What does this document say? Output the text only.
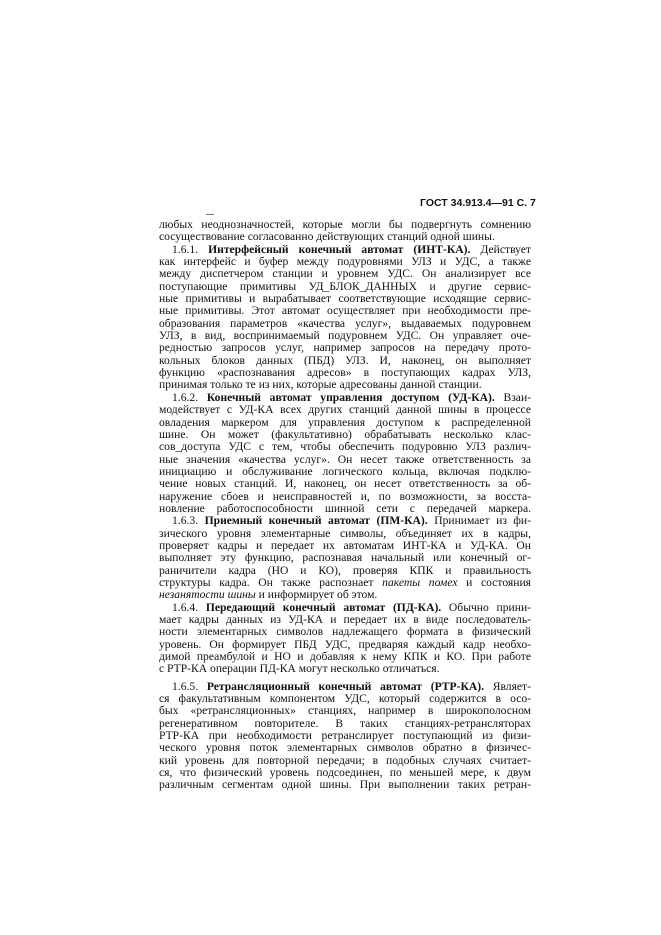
ГОСТ 34.913.4—91 С. 7
любых неоднозначностей, которые могли бы подвергнуть сомнению
сосуществование согласованно действующих станций одной шины.
1.6.1. Интерфейсный конечный автомат (ИНТ-КА). Действует
как интерфейс и буфер между подуровнями УЛЗ и УДС, а также
между диспетчером станции и уровнем УДС. Он анализирует все
поступающие примитивы УД_БЛОК_ДАННЫХ и другие сервис-
ные примитивы и вырабатывает соответствующие исходящие сервис-
ные примитивы. Этот автомат осуществляет при необходимости пре-
образования параметров «качества услуг», выдаваемых подуровнем
УЛЗ, в вид, воспринимаемый подуровнем УДС. Он управляет оче-
редностью запросов услуг, например запросов на передачу прото-
кольных блоков данных (ПБД) УЛЗ. И, наконец, он выполняет
функцию «распознавания адресов» в поступающих кадрах УЛЗ,
принимая только те из них, которые адресованы данной станции.
1.6.2. Конечный автомат управления доступом (УД-КА). Взаи-
модействует с УД-КА всех других станций данной шины в процессе
овладения маркером для управления доступом к распределенной
шине. Он может (факультативно) обрабатывать несколько клас-
сов_доступа УДС с тем, чтобы обеспечить подуровню УЛЗ различ-
ные значения «качества услуг». Он несет также ответственность за
инициацию и обслуживание логического кольца, включая подклю-
чение новых станций. И, наконец, он несет ответственность за об-
наружение сбоев и неисправностей и, по возможности, за восста-
новление работоспособности шинной сети с передачей маркера.
1.6.3. Приемный конечный автомат (ПМ-КА). Принимает из фи-
зического уровня элементарные символы, объединяет их в кадры,
проверяет кадры и передает их автоматам ИНТ-КА и УД-КА. Он
выполняет эту функцию, распознавая начальный или конечный ог-
раничители кадра (НО и КО), проверяя КПК и правильность
структуры кадра. Он также распознает пакеты помех и состояния
незанятости шины и информирует об этом.
1.6.4. Передающий конечный автомат (ПД-КА). Обычно прини-
мает кадры данных из УД-КА и передает их в виде последователь-
ности элементарных символов надлежащего формата в физический
уровень. Он формирует ПБД УДС, предваряя каждый кадр необхо-
димой преамбулой и НО и добавляя к нему КПК и КО. При работе
с РТР-КА операции ПД-КА могут несколько отличаться.
1.6.5. Ретрансляционный конечный автомат (РТР-КА). Являет-
ся факультативным компонентом УДС, который содержится в осо-
бых «ретрансляционных» станциях, например в широкополосном
регенеративном повторителе. В таких станциях-ретрансляторах
РТР-КА при необходимости ретранслирует поступающий из физи-
ческого уровня поток элементарных символов обратно в физичес-
кий уровень для повторной передачи; в подобных случаях считает-
ся, что физический уровень подсоединен, по меньшей мере, к двум
различным сегментам одной шины. При выполнении таких ретран-
